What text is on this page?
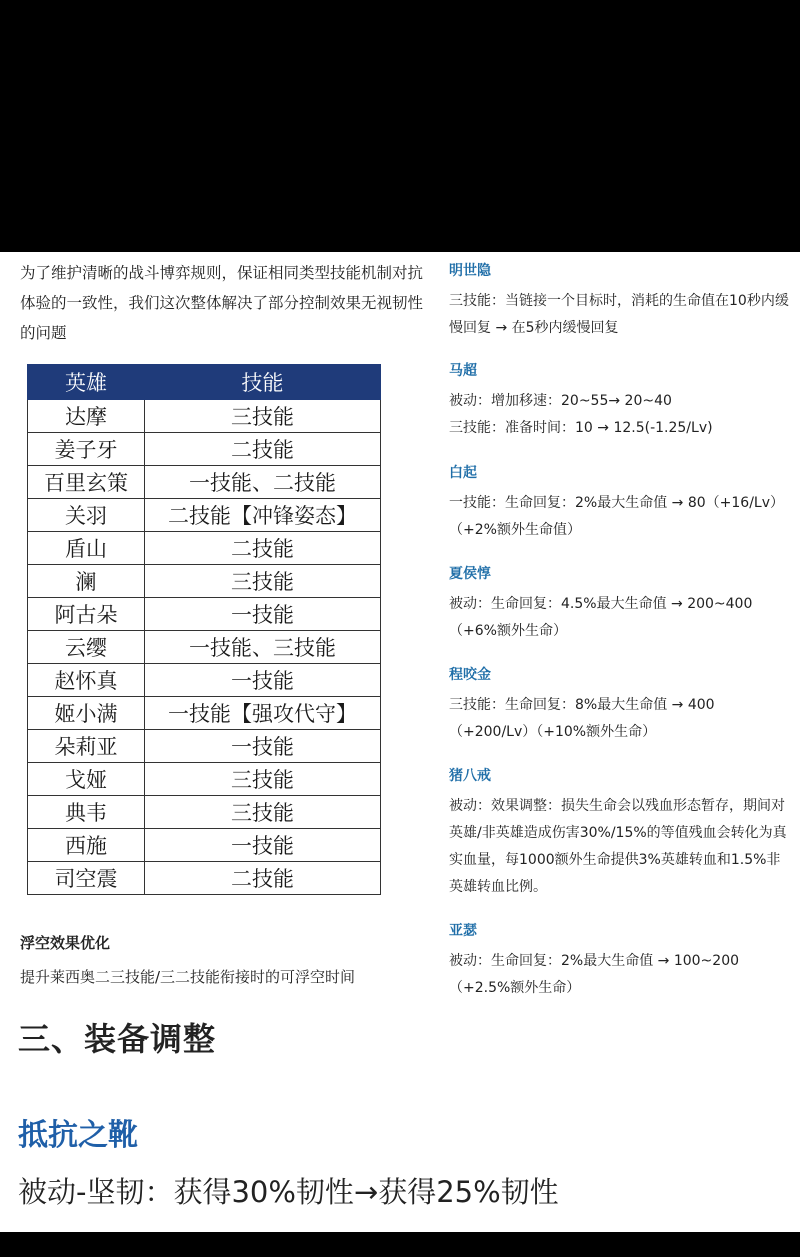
为了维护清晰的战斗博弈规则，保证相同类型技能机制对抗体验的一致性，我们这次整体解决了部分控制效果无视韧性的问题
英雄	技能
达摩	三技能
姜子牙	二技能
百里玄策	一技能、二技能
关羽	二技能【冲锋姿态】
盾山	二技能
澜	三技能
阿古朵	一技能
云缨	一技能、三技能
赵怀真	一技能
姬小满	一技能【强攻代守】
朵莉亚	一技能
戈娅	三技能
典韦	三技能
西施	一技能
司空震	二技能
浮空效果优化
提升莱西奥二三技能/三二技能衔接时的可浮空时间
明世隐
三技能：当链接一个目标时，消耗的生命值在10秒内缓慢回复 → 在5秒内缓慢回复
马超
被动：增加移速：20~55→ 20~40
三技能：准备时间：10 → 12.5(-1.25/Lv)
白起
一技能：生命回复：2%最大生命值 → 80（+16/Lv）（+2%额外生命值）
夏侯惇
被动：生命回复：4.5%最大生命值 → 200~400（+6%额外生命）
程咬金
三技能：生命回复：8%最大生命值 → 400（+200/Lv）（+10%额外生命）
猪八戒
被动：效果调整：损失生命会以残血形态暂存，期间对英雄/非英雄造成伤害30%/15%的等值残血会转化为真实血量，每1000额外生命提供3%英雄转血和1.5%非英雄转血比例。
亚瑟
被动：生命回复：2%最大生命值 → 100~200（+2.5%额外生命）
三、装备调整
抵抗之靴
被动-坚韧：获得30%韧性→获得25%韧性
